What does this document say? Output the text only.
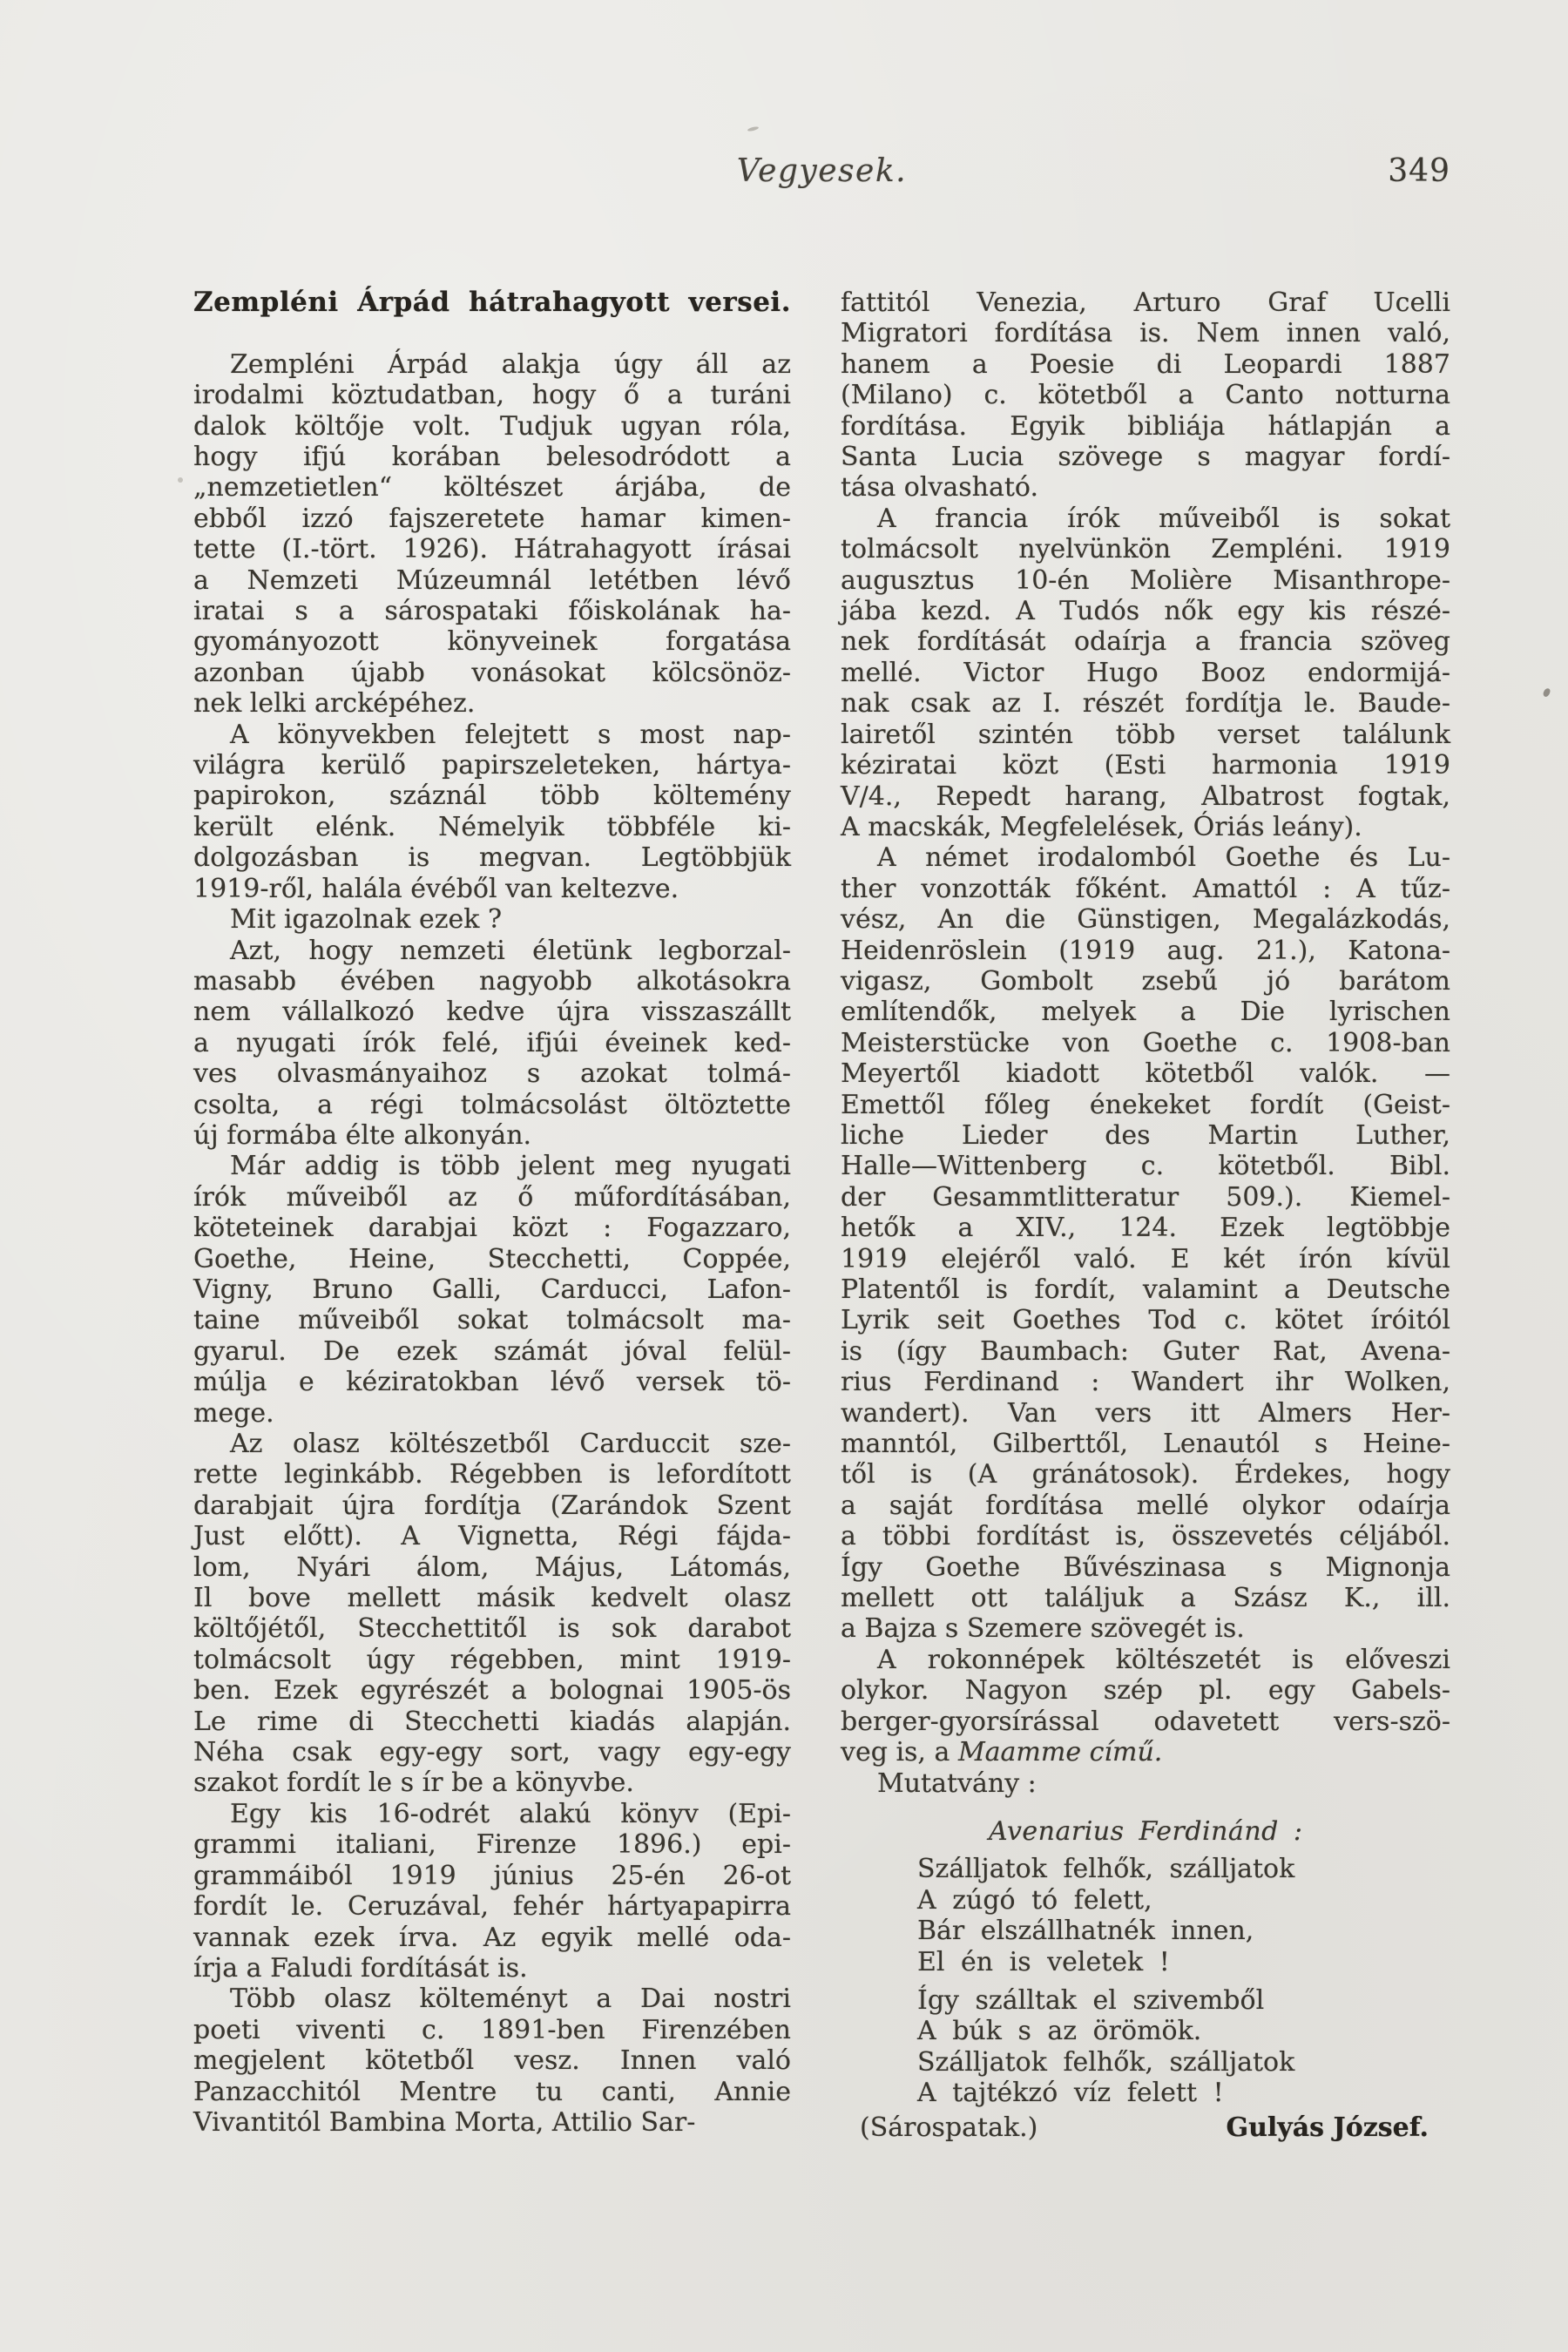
Vegyesek.	349
Zempléni Árpád hátrahagyott versei.
Zempléni Árpád alakja úgy áll az
irodalmi köztudatban, hogy ő a turáni
dalok költője volt. Tudjuk ugyan róla,
hogy ifjú korában belesodródott a
„nemzetietlen“ költészet árjába, de
ebből izzó fajszeretete hamar kimen-
tette (I.-tört. 1926). Hátrahagyott írásai
a Nemzeti Múzeumnál letétben lévő
iratai s a sárospataki főiskolának ha-
gyományozott könyveinek forgatása
azonban újabb vonásokat kölcsönöz-
nek lelki arcképéhez.
A könyvekben felejtett s most nap-
világra kerülő papirszeleteken, hártya-
papirokon, száznál több költemény
került elénk. Némelyik többféle ki-
dolgozásban is megvan. Legtöbbjük
1919-ről, halála évéből van keltezve.
Mit igazolnak ezek ?
Azt, hogy nemzeti életünk legborzal-
masabb évében nagyobb alkotásokra
nem vállalkozó kedve újra visszaszállt
a nyugati írók felé, ifjúi éveinek ked-
ves olvasmányaihoz s azokat tolmá-
csolta, a régi tolmácsolást öltöztette
új formába élte alkonyán.
Már addig is több jelent meg nyugati
írók műveiből az ő műfordításában,
köteteinek darabjai közt : Fogazzaro,
Goethe, Heine, Stecchetti, Coppée,
Vigny, Bruno Galli, Carducci, Lafon-
taine műveiből sokat tolmácsolt ma-
gyarul. De ezek számát jóval felül-
múlja e kéziratokban lévő versek tö-
mege.
Az olasz költészetből Carduccit sze-
rette leginkább. Régebben is lefordított
darabjait újra fordítja (Zarándok Szent
Just előtt). A Vignetta, Régi fájda-
lom, Nyári álom, Május, Látomás,
Il bove mellett másik kedvelt olasz
költőjétől, Stecchettitől is sok darabot
tolmácsolt úgy régebben, mint 1919-
ben. Ezek egyrészét a bolognai 1905-ös
Le rime di Stecchetti kiadás alapján.
Néha csak egy-egy sort, vagy egy-egy
szakot fordít le s ír be a könyvbe.
Egy kis 16-odrét alakú könyv (Epi-
grammi italiani, Firenze 1896.) epi-
grammáiból 1919 június 25-én 26-ot
fordít le. Ceruzával, fehér hártyapapirra
vannak ezek írva. Az egyik mellé oda-
írja a Faludi fordítását is.
Több olasz költeményt a Dai nostri
poeti viventi c. 1891-ben Firenzében
megjelent kötetből vesz. Innen való
Panzacchitól Mentre tu canti, Annie
Vivantitól Bambina Morta, Attilio Sar-
fattitól Venezia, Arturo Graf Ucelli
Migratori fordítása is. Nem innen való,
hanem a Poesie di Leopardi 1887
(Milano) c. kötetből a Canto notturna
fordítása. Egyik bibliája hátlapján a
Santa Lucia szövege s magyar fordí-
tása olvasható.
A francia írók műveiből is sokat
tolmácsolt nyelvünkön Zempléni. 1919
augusztus 10-én Molière Misanthrope-
jába kezd. A Tudós nők egy kis részé-
nek fordítását odaírja a francia szöveg
mellé. Victor Hugo Booz endormijá-
nak csak az I. részét fordítja le. Baude-
lairetől szintén több verset találunk
kéziratai közt (Esti harmonia 1919
V/4., Repedt harang, Albatrost fogtak,
A macskák, Megfelelések, Óriás leány).
A német irodalomból Goethe és Lu-
ther vonzották főként. Amattól : A tűz-
vész, An die Günstigen, Megalázkodás,
Heidenröslein (1919 aug. 21.), Katona-
vigasz, Gombolt zsebű jó barátom
említendők, melyek a Die lyrischen
Meisterstücke von Goethe c. 1908-ban
Meyertől kiadott kötetből valók. —
Emettől főleg énekeket fordít (Geist-
liche Lieder des Martin Luther,
Halle—Wittenberg c. kötetből. Bibl.
der Gesammtlitteratur 509.). Kiemel-
hetők a XIV., 124. Ezek legtöbbje
1919 elejéről való. E két írón kívül
Platentől is fordít, valamint a Deutsche
Lyrik seit Goethes Tod c. kötet íróitól
is (így Baumbach: Guter Rat, Avena-
rius Ferdinand : Wandert ihr Wolken,
wandert). Van vers itt Almers Her-
manntól, Gilberttől, Lenautól s Heine-
től is (A gránátosok). Érdekes, hogy
a saját fordítása mellé olykor odaírja
a többi fordítást is, összevetés céljából.
Így Goethe Bűvészinasa s Mignonja
mellett ott találjuk a Szász K., ill.
a Bajza s Szemere szövegét is.
A rokonnépek költészetét is előveszi
olykor. Nagyon szép pl. egy Gabels-
berger-gyorsírással odavetett vers-szö-
veg is, a Maamme című.
Mutatvány :
Avenarius Ferdinánd :
Szálljatok felhők, szálljatok
A zúgó tó felett,
Bár elszállhatnék innen,
El én is veletek !
Így szálltak el szivemből
A búk s az örömök.
Szálljatok felhők, szálljatok
A tajtékzó víz felett !
(Sárospatak.)	Gulyás József.
